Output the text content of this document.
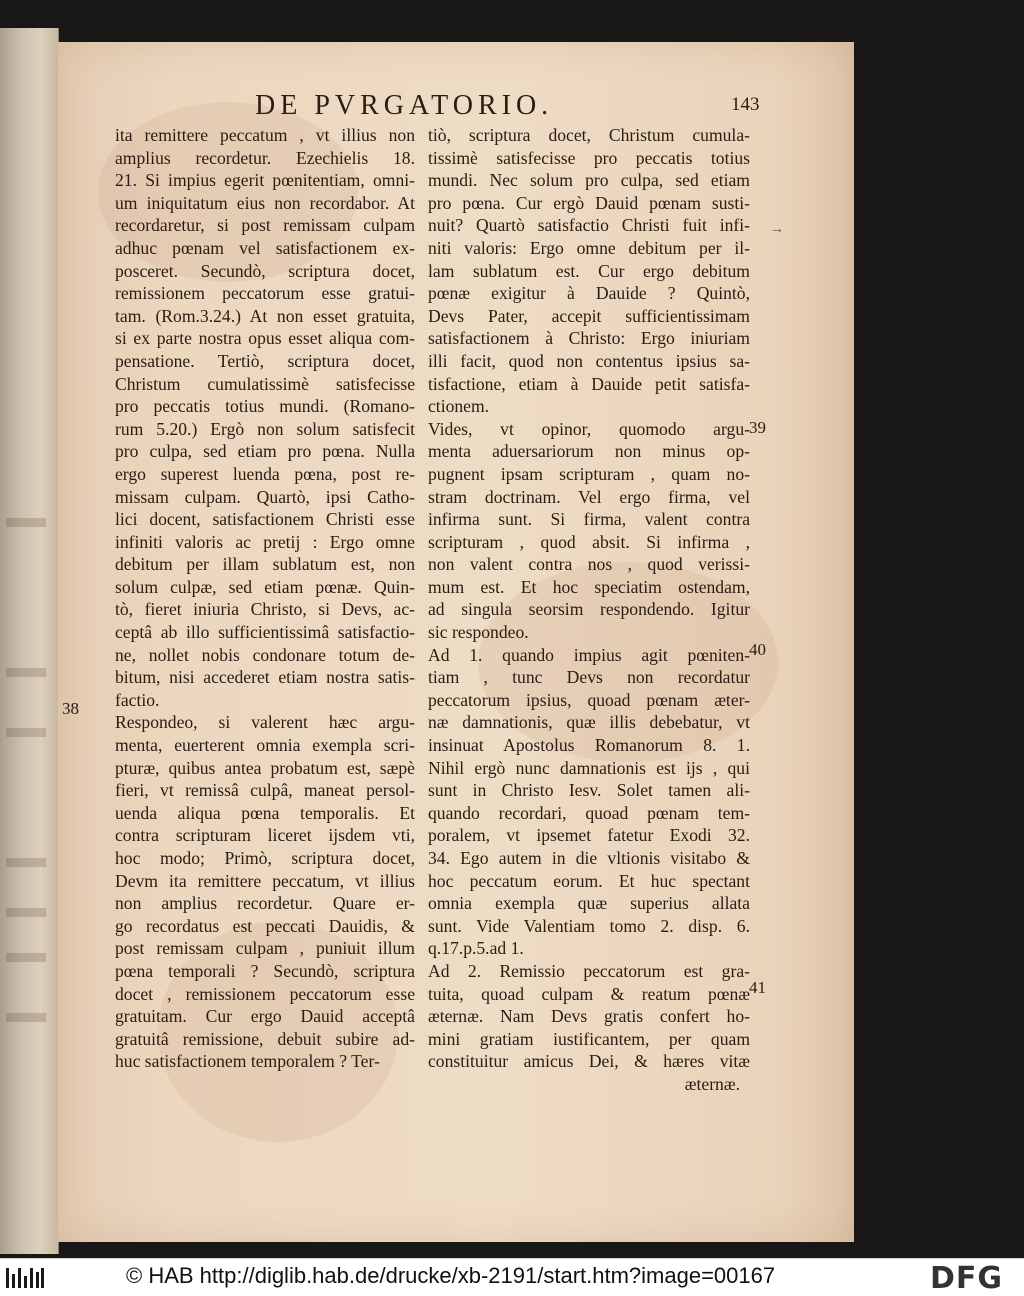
DE PVRGATORIO.	143
ita remittere peccatum , vt illius non
amplius recordetur. Ezechielis 18.
21. Si impius egerit pœnitentiam, omni-
um iniquitatum eius non recordabor. At
recordaretur, si post remissam culpam
adhuc pœnam vel satisfactionem ex-
posceret. Secundò, scriptura docet,
remissionem peccatorum esse gratui-
tam. (Rom.3.24.) At non esset gratuita,
si ex parte nostra opus esset aliqua com-
pensatione. Tertiò, scriptura docet,
Christum cumulatissimè satisfecisse
pro peccatis totius mundi. (Romano-
rum 5.20.) Ergò non solum satisfecit
pro culpa, sed etiam pro pœna. Nulla
ergo superest luenda pœna, post re-
missam culpam. Quartò, ipsi Catho-
lici docent, satisfactionem Christi esse
infiniti valoris ac pretij : Ergo omne
debitum per illam sublatum est, non
solum culpæ, sed etiam pœnæ. Quin-
tò, fieret iniuria Christo, si Devs, ac-
ceptâ ab illo sufficientissimâ satisfactio-
ne, nollet nobis condonare totum de-
bitum, nisi accederet etiam nostra satis-
factio.
Respondeo, si valerent hæc argu-
menta, euerterent omnia exempla scri-
pturæ, quibus antea probatum est, sæpè
fieri, vt remissâ culpâ, maneat persol-
uenda aliqua pœna temporalis. Et
contra scripturam liceret ijsdem vti,
hoc modo; Primò, scriptura docet,
Devm ita remittere peccatum, vt illius
non amplius recordetur. Quare er-
go recordatus est peccati Dauidis, &
post remissam culpam , puniuit illum
pœna temporali ? Secundò, scriptura
docet , remissionem peccatorum esse
gratuitam. Cur ergo Dauid acceptâ
gratuitâ remissione, debuit subire ad-
huc satisfactionem temporalem ? Ter-
tiò, scriptura docet, Christum cumula-
tissimè satisfecisse pro peccatis totius
mundi. Nec solum pro culpa, sed etiam
pro pœna. Cur ergò Dauid pœnam susti-
nuit? Quartò satisfactio Christi fuit infi-
niti valoris: Ergo omne debitum per il-
lam sublatum est. Cur ergo debitum
pœnæ exigitur à Dauide ? Quintò,
Devs Pater, accepit sufficientissimam
satisfactionem à Christo: Ergo iniuriam
illi facit, quod non contentus ipsius sa-
tisfactione, etiam à Dauide petit satisfa-
ctionem.
Vides, vt opinor, quomodo argu-
menta aduersariorum non minus op-
pugnent ipsam scripturam , quam no-
stram doctrinam. Vel ergo firma, vel
infirma sunt. Si firma, valent contra
scripturam , quod absit. Si infirma ,
non valent contra nos , quod verissi-
mum est. Et hoc speciatim ostendam,
ad singula seorsim respondendo. Igitur
sic respondeo.
Ad 1. quando impius agit pœniten-
tiam , tunc Devs non recordatur
peccatorum ipsius, quoad pœnam æter-
næ damnationis, quæ illis debebatur, vt
insinuat Apostolus Romanorum 8. 1.
Nihil ergò nunc damnationis est ijs , qui
sunt in Christo Iesv. Solet tamen ali-
quando recordari, quoad pœnam tem-
poralem, vt ipsemet fatetur Exodi 32.
34. Ego autem in die vltionis visitabo &
hoc peccatum eorum. Et huc spectant
omnia exempla quæ superius allata
sunt. Vide Valentiam tomo 2. disp. 6.
q.17.p.5.ad 1.
Ad 2. Remissio peccatorum est gra-
tuita, quoad culpam & reatum pœnæ
æternæ. Nam Devs gratis confert ho-
mini gratiam iustificantem, per quam
constituitur amicus Dei, & hæres vitæ
æternæ.
38
39
40
41
→
© HAB http://diglib.hab.de/drucke/xb-2191/start.htm?image=00167	DFG
